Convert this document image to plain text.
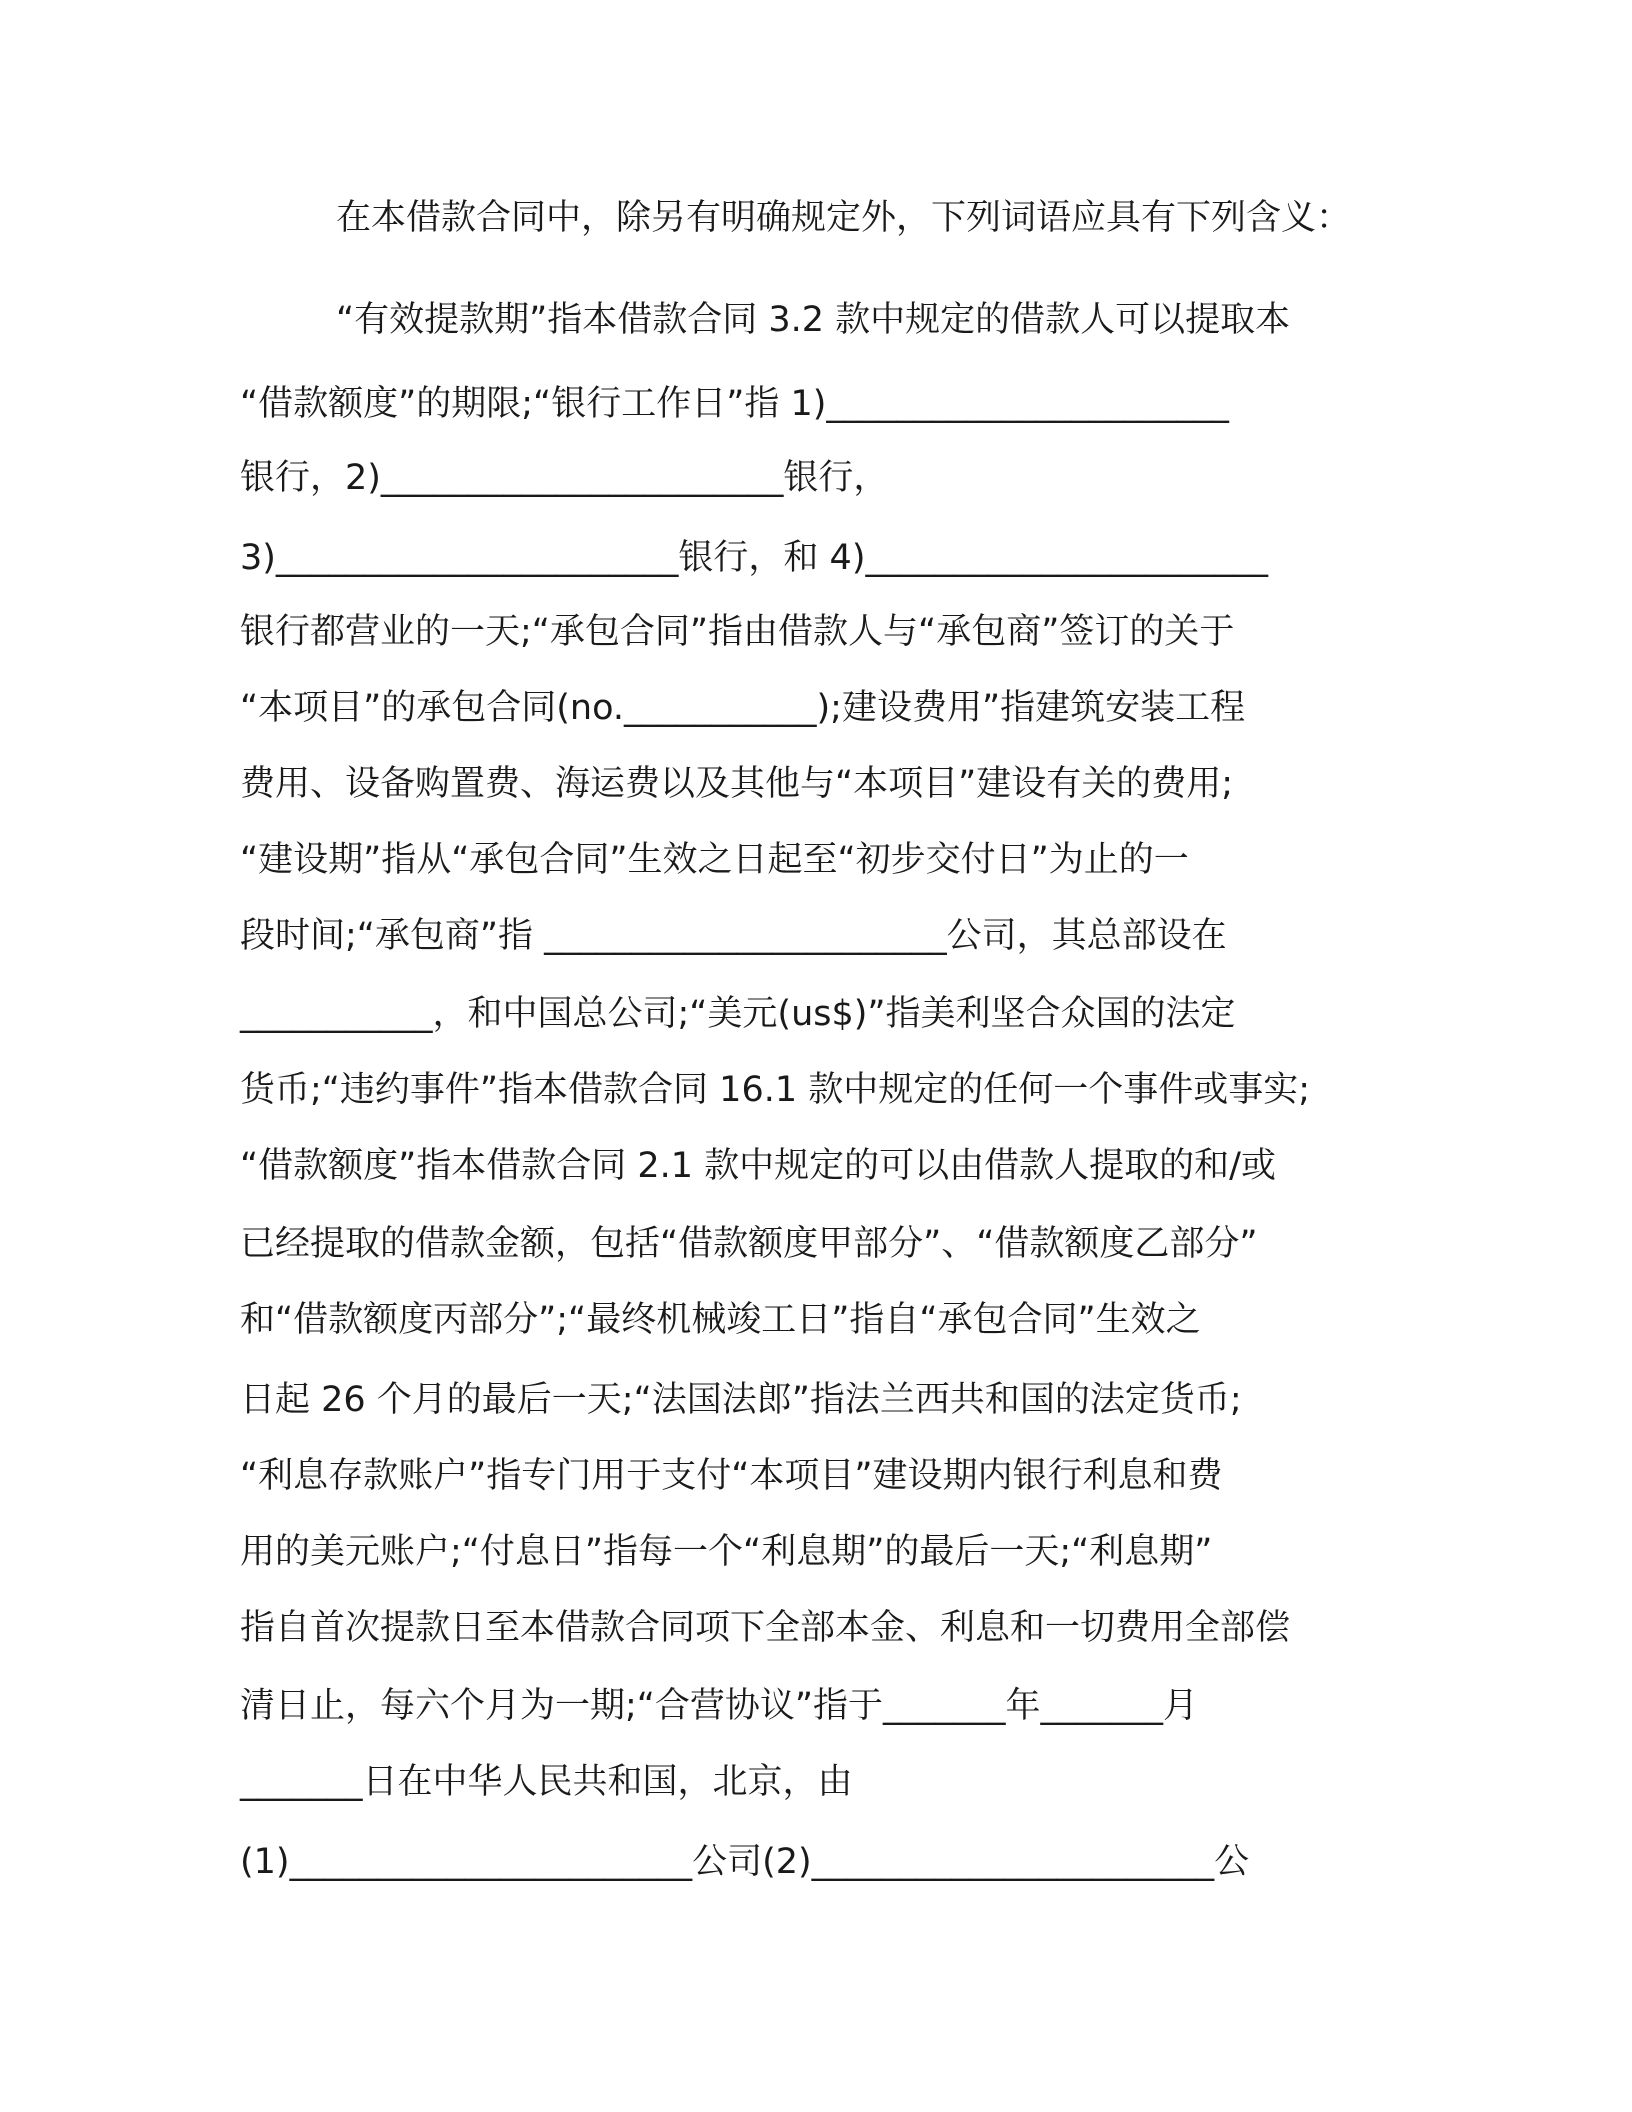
在本借款合同中，除另有明确规定外，下列词语应具有下列含义：
“有效提款期”指本借款合同 3.2 款中规定的借款人可以提取本
“借款额度”的期限;“银行工作日”指 1)_______________________
银行，2)_______________________银行，
3)_______________________银行，和 4)_______________________
银行都营业的一天;“承包合同”指由借款人与“承包商”签订的关于
“本项目”的承包合同(no.___________);建设费用”指建筑安装工程
费用、设备购置费、海运费以及其他与“本项目”建设有关的费用;
“建设期”指从“承包合同”生效之日起至“初步交付日”为止的一
段时间;“承包商”指 _______________________公司，其总部设在
___________，和中国总公司;“美元(us$)”指美利坚合众国的法定
货币;“违约事件”指本借款合同 16.1 款中规定的任何一个事件或事实;
“借款额度”指本借款合同 2.1 款中规定的可以由借款人提取的和/或
已经提取的借款金额，包括“借款额度甲部分”、“借款额度乙部分”
和“借款额度丙部分”;“最终机械竣工日”指自“承包合同”生效之
日起 26 个月的最后一天;“法国法郎”指法兰西共和国的法定货币;
“利息存款账户”指专门用于支付“本项目”建设期内银行利息和费
用的美元账户;“付息日”指每一个“利息期”的最后一天;“利息期”
指自首次提款日至本借款合同项下全部本金、利息和一切费用全部偿
清日止，每六个月为一期;“合营协议”指于_______年_______月
_______日在中华人民共和国，北京，由
(1)_______________________公司(2)_______________________公
